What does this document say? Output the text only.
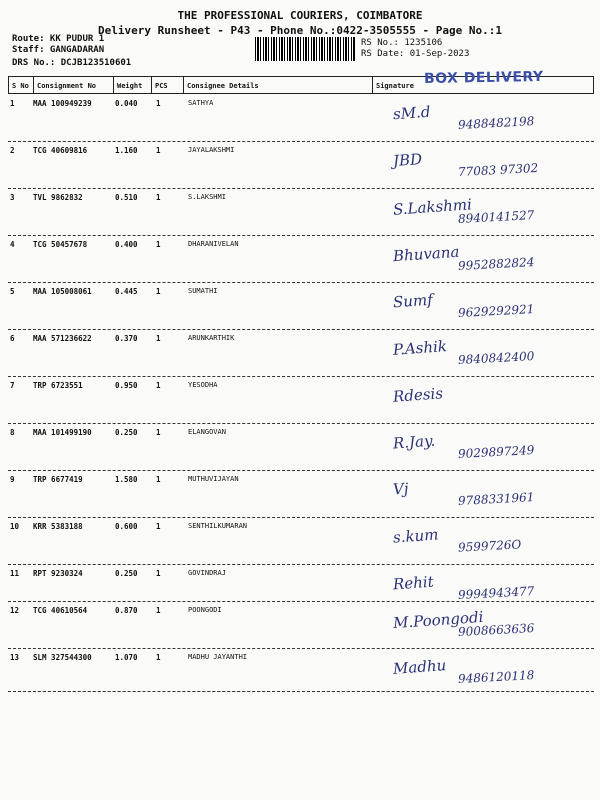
THE PROFESSIONAL COURIERS, COIMBATORE
Delivery Runsheet - P43 - Phone No.:0422-3505555 - Page No.:1
Route: KK PUDUR 1
Staff: GANGADARAN
DRS No.: DCJB123510601
RS No.: 1235106
RS Date: 01-Sep-2023
S No	Consignment No	Weight	PCS	Consignee Details	Signature BOX DELIVERY
1 MAA 100949239	0.040 1	SATHYA	sM.d 9488482198
2 TCG 40609816	1.160 1	JAYALAKSHMI
JBD
77083 97302
3 TVL 9862832	0.510 1	S.LAKSHMI	S.Lakshmi
8940141527
4 TCG 50457678	0.400 1	DHARANIVELAN	Bhuvana
9952882824
5 MAA 105008061	0.445 1	SUMATHI	Sumf 9629292921
6 MAA 571236622	0.370 1	ARUNKARTHIK	P.Ashik 9840842400
7 TRP 6723551	0.950 1	YESODHA	Rdesis
8 MAA 101499190	0.250 1	ELANGOVAN	R.Jay. 9029897249
9 TRP 6677419	1.580 1	MUTHUVIJAYAN
Vj
9788331961
10 KRR 5383188	0.600 1	SENTHILKUMARAN	s.kum 9599726O
11 RPT 9230324	0.250 1	GOVINDRAJ	Rehit 9994943477
12 TCG 40610564	0.870 1	POONGODI	M.Poongodi
9008663636
13 SLM 327544300	1.070 1	MADHU JAYANTHI	Madhu 9486120118
